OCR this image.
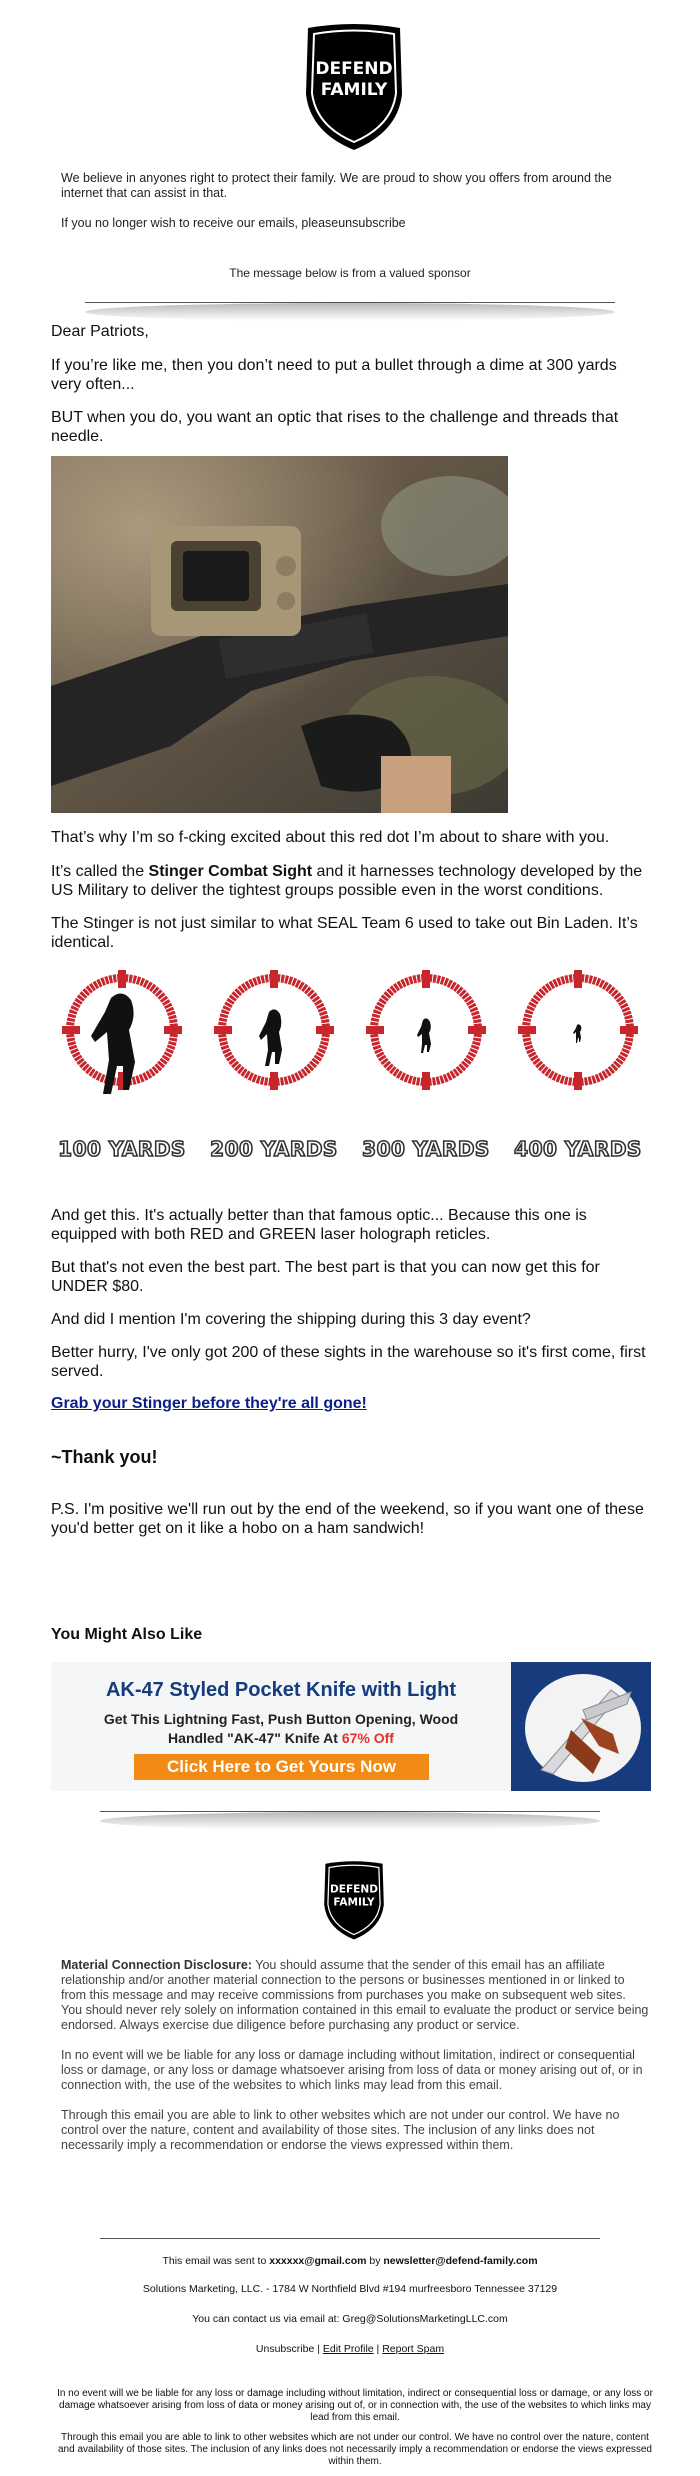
DEFEND
FAMILY
We believe in anyones right to protect their family. We are proud to show you offers from around the internet that can assist in that.
If you no longer wish to receive our emails, pleaseunsubscribe
The message below is from a valued sponsor
Dear Patriots,
If you’re like me, then you don’t need to put a bullet through a dime at 300 yards very often...
BUT when you do, you want an optic that rises to the challenge and threads that needle.
That’s why I’m so f-cking excited about this red dot I’m about to share with you.
It’s called the Stinger Combat Sight and it harnesses technology developed by the US Military to deliver the tightest groups possible even in the worst conditions.
The Stinger is not just similar to what SEAL Team 6 used to take out Bin Laden. It’s identical.
100 YARDS	200 YARDS	300 YARDS	400 YARDS
And get this. It's actually better than that famous optic... Because this one is equipped with both RED and GREEN laser holograph reticles.
But that's not even the best part. The best part is that you can now get this for UNDER $80.
And did I mention I'm covering the shipping during this 3 day event?
Better hurry, I've only got 200 of these sights in the warehouse so it's first come, first served.
Grab your Stinger before they're all gone!
~Thank you!
P.S. I'm positive we'll run out by the end of the weekend, so if you want one of these you'd better get on it like a hobo on a ham sandwich!
You Might Also Like
AK-47 Styled Pocket Knife with Light
Get This Lightning Fast, Push Button Opening, Wood
Handled "AK-47" Knife At 67% Off
Click Here to Get Yours Now
DEFEND
FAMILY

Material Connection Disclosure: You should assume that the sender of this email has an affiliate relationship and/or another material connection to the persons or businesses mentioned in or linked to from this message and may receive commissions from purchases you make on subsequent web sites. You should never rely solely on information contained in this email to evaluate the product or service being endorsed. Always exercise due diligence before purchasing any product or service.

In no event will we be liable for any loss or damage including without limitation, indirect or consequential loss or damage, or any loss or damage whatsoever arising from loss of data or money arising out of, or in connection with, the use of the websites to which links may lead from this email.

Through this email you are able to link to other websites which are not under our control. We have no control over the nature, content and availability of those sites. The inclusion of any links does not necessarily imply a recommendation or endorse the views expressed within them.

This email was sent to xxxxxx@gmail.com by newsletter@defend-family.com
Solutions Marketing, LLC. - 1784 W Northfield Blvd #194 murfreesboro Tennessee 37129
You can contact us via email at: Greg@SolutionsMarketingLLC.com
Unsubscribe | Edit Profile | Report Spam
In no event will we be liable for any loss or damage including without limitation, indirect or consequential loss or damage, or any loss or damage whatsoever arising from loss of data or money arising out of, or in connection with, the use of the websites to which links may lead from this email.
Through this email you are able to link to other websites which are not under our control. We have no control over the nature, content and availability of those sites. The inclusion of any links does not necessarily imply a recommendation or endorse the views expressed within them.
